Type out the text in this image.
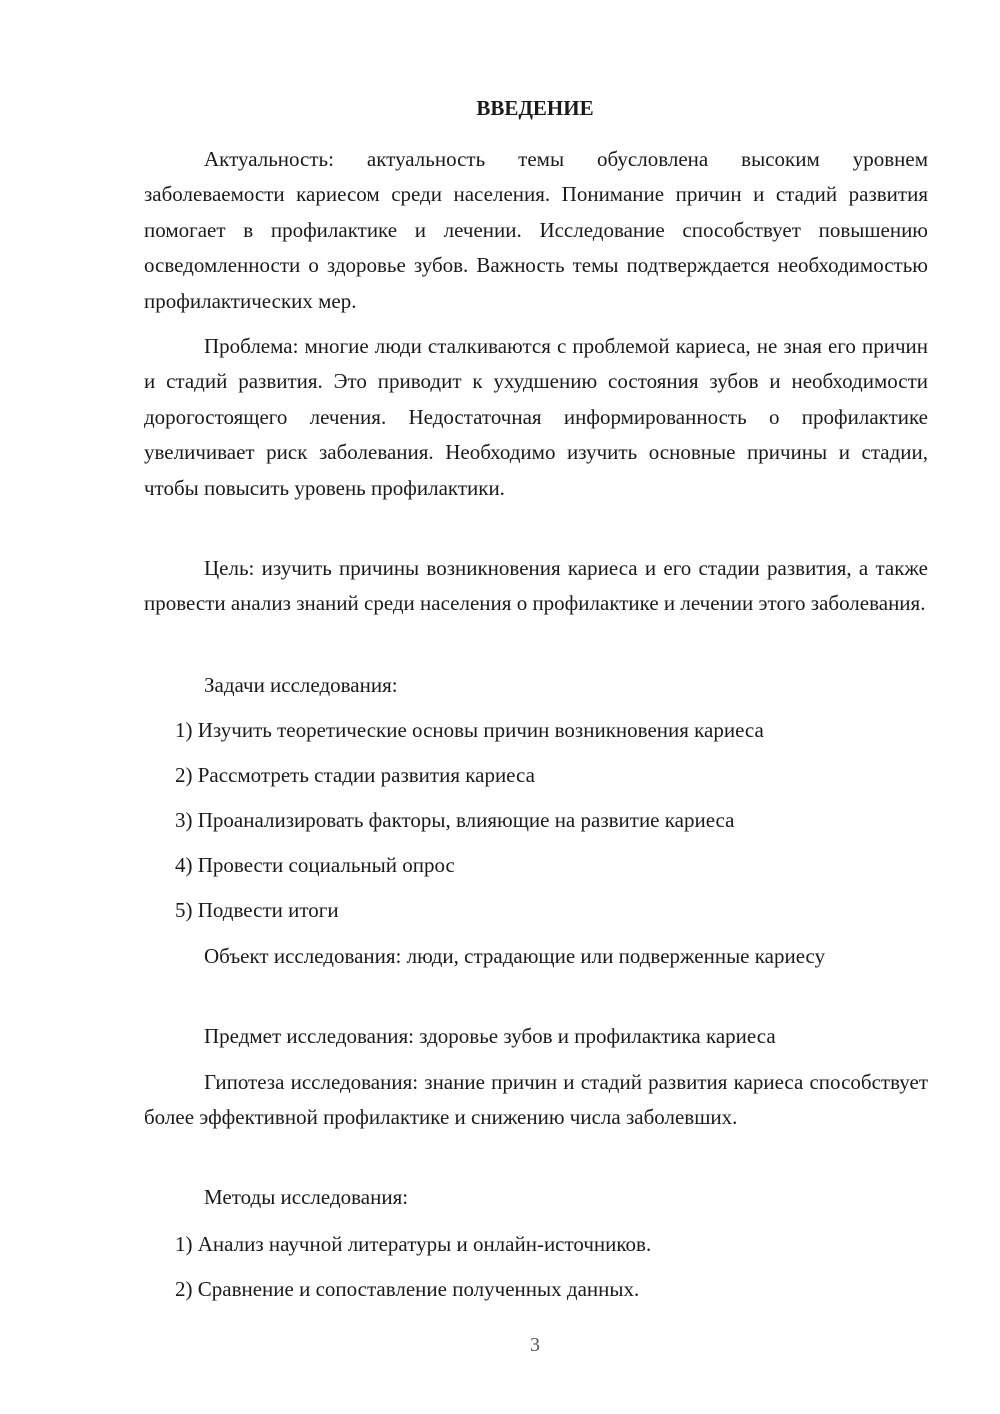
ВВЕДЕНИЕ
Актуальность: актуальность темы обусловлена высоким уровнем заболеваемости кариесом среди населения. Понимание причин и стадий развития помогает в профилактике и лечении. Исследование способствует повышению осведомленности о здоровье зубов. Важность темы подтверждается необходимостью профилактических мер.
Проблема: многие люди сталкиваются с проблемой кариеса, не зная его причин и стадий развития. Это приводит к ухудшению состояния зубов и необходимости дорогостоящего лечения. Недостаточная информированность о профилактике увеличивает риск заболевания. Необходимо изучить основные причины и стадии, чтобы повысить уровень профилактики.
Цель: изучить причины возникновения кариеса и его стадии развития, а также провести анализ знаний среди населения о профилактике и лечении этого заболевания.
Задачи исследования:
1) Изучить теоретические основы причин возникновения кариеса
2) Рассмотреть стадии развития кариеса
3) Проанализировать факторы, влияющие на развитие кариеса
4) Провести социальный опрос
5) Подвести итоги
Объект исследования: люди, страдающие или подверженные кариесу
Предмет исследования: здоровье зубов и профилактика кариеса
Гипотеза исследования: знание причин и стадий развития кариеса способствует более эффективной профилактике и снижению числа заболевших.
Методы исследования:
1) Анализ научной литературы и онлайн-источников.
2) Сравнение и сопоставление полученных данных.
3
